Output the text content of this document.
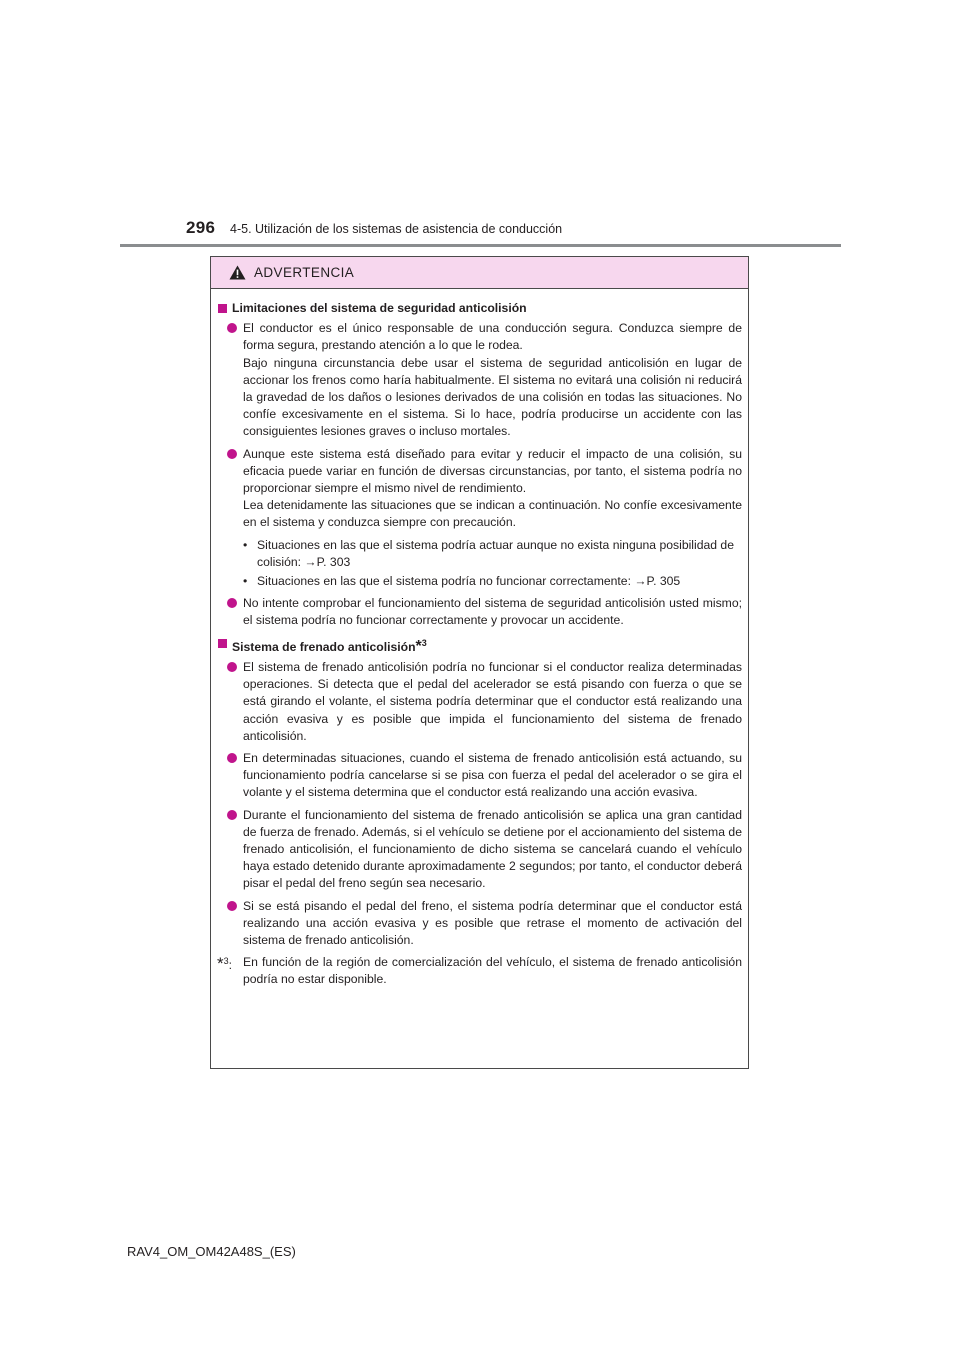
296 4-5. Utilización de los sistemas de asistencia de conducción
ADVERTENCIA
Limitaciones del sistema de seguridad anticolisión

El conductor es el único responsable de una conducción segura. Conduzca siempre de forma segura, prestando atención a lo que le rodea.

Bajo ninguna circunstancia debe usar el sistema de seguridad anticolisión en lugar de accionar los frenos como haría habitualmente. El sistema no evitará una colisión ni reducirá la gravedad de los daños o lesiones derivados de una colisión en todas las situaciones. No confíe excesivamente en el sistema. Si lo hace, podría producirse un accidente con las consiguientes lesiones graves o incluso mortales.

Aunque este sistema está diseñado para evitar y reducir el impacto de una colisión, su eficacia puede variar en función de diversas circunstancias, por tanto, el sistema podría no proporcionar siempre el mismo nivel de rendimiento.

Lea detenidamente las situaciones que se indican a continuación. No confíe excesivamente en el sistema y conduzca siempre con precaución.

• Situaciones en las que el sistema podría actuar aunque no exista ninguna posibilidad de colisión: →P. 303
• Situaciones en las que el sistema podría no funcionar correctamente: →P. 305

No intente comprobar el funcionamiento del sistema de seguridad anticolisión usted mismo; el sistema podría no funcionar correctamente y provocar un accidente.

Sistema de frenado anticolisión*$^3$

El sistema de frenado anticolisión podría no funcionar si el conductor realiza determinadas operaciones. Si detecta que el pedal del acelerador se está pisando con fuerza o que se está girando el volante, el sistema podría determinar que el conductor está realizando una acción evasiva y es posible que impida el funcionamiento del sistema de frenado anticolisión.

En determinadas situaciones, cuando el sistema de frenado anticolisión está actuando, su funcionamiento podría cancelarse si se pisa con fuerza el pedal del acelerador o se gira el volante y el sistema determina que el conductor está realizando una acción evasiva.

Durante el funcionamiento del sistema de frenado anticolisión se aplica una gran cantidad de fuerza de frenado. Además, si el vehículo se detiene por el accionamiento del sistema de frenado anticolisión, el funcionamiento de dicho sistema se cancelará cuando el vehículo haya estado detenido durante aproximadamente 2 segundos; por tanto, el conductor deberá pisar el pedal del freno según sea necesario.

Si se está pisando el pedal del freno, el sistema podría determinar que el conductor está realizando una acción evasiva y es posible que retrase el momento de activación del sistema de frenado anticolisión.

*$^3$: En función de la región de comercialización del vehículo, el sistema de frenado anticolisión podría no estar disponible.
RAV4_OM_OM42A48S_(ES)
